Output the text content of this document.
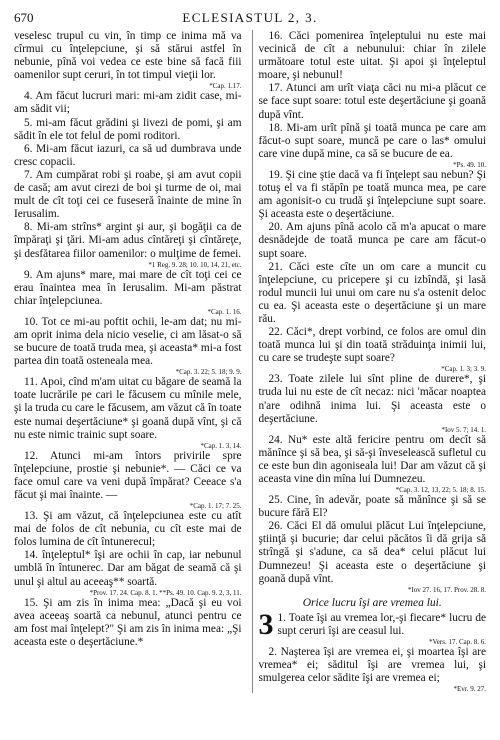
670	ECLESIASTUL 2, 3.

veselesc trupul cu vin, în timp ce inima mă va cîrmui cu înţelepciune, şi să stărui astfel în nebunie, pînă voi vedea ce este bine să facă fiii oamenilor supt ceruri, în tot timpul vieţii lor.

*Cap. 1.17.

4. Am făcut lucruri mari: mi-am zidit case, mi-am sădit vii;

5. mi-am făcut grădini şi livezi de pomi, şi am sădit în ele tot felul de pomi roditori.

6. Mi-am făcut iazuri, ca să ud dumbrava unde cresc copacii.

7. Am cumpărat robi şi roabe, şi am avut copii de casă; am avut cirezi de boi şi turme de oi, mai mult de cît toţi cei ce fuseseră înainte de mine în Ierusalim.

8. Mi-am strîns* argint şi aur, şi bogăţii ca de împăraţi şi ţări. Mi-am adus cîntăreţi şi cîntăreţe, şi desfătarea fiilor oamenilor: o mulţime de femei.

*1 Reg. 9. 28; 10. 10, 14, 21, etc.

9. Am ajuns* mare, mai mare de cît toţi cei ce erau înaintea mea în Ierusalim. Mi-am păstrat chiar înţelepciunea.

*Cap. 1. 16.

10. Tot ce mi-au poftit ochii, le-am dat; nu mi-am oprit inima dela nicio veselie, ci am lăsat-o să se bucure de toată truda mea, şi aceasta* mi-a fost partea din toată osteneala mea.

*Cap. 3. 22; 5. 18; 9. 9.

11. Apoi, cînd m'am uitat cu băgare de seamă la toate lucrările pe cari le făcusem cu mînile mele, şi la truda cu care le făcusem, am văzut că în toate este numai deşertăciune* şi goană după vînt, şi că nu este nimic trainic supt soare.

*Cap. 1. 3, 14.

12. Atunci mi-am întors privirile spre înţelepciune, prostie şi nebunie*. — Căci ce va face omul care va veni după împărat? Ceeace s'a făcut şi mai înainte. —

*Cap. 1. 17; 7. 25.

13. Şi am văzut, că înţelepciunea este cu atît mai de folos de cît nebunia, cu cît este mai de folos lumina de cît întunerecul;

14. înţeleptul* îşi are ochii în cap, iar nebunul umblă în întunerec. Dar am băgat de seamă că şi unul şi altul au aceeaş** soartă.

*Prov. 17. 24. Cap. 8. 1. **Ps. 49. 10. Cap. 9. 2, 3, 11.

15. Şi am zis în inima mea: „Dacă şi eu voi avea aceeaş soartă ca nebunul, atunci pentru ce am fost mai înţelept?" Şi am zis în inima mea: „Şi aceasta este o deşertăciune.*

16. Căci pomenirea înţeleptului nu este mai vecinică de cît a nebunului: chiar în zilele următoare totul este uitat. Şi apoi şi înţeleptul moare, şi nebunul!

17. Atunci am urît viaţa căci nu mi-a plăcut ce se face supt soare: totul este deşertăciune şi goană după vînt.

18. Mi-am urît pînă şi toată munca pe care am făcut-o supt soare, muncă pe care o las* omului care vine după mine, ca să se bucure de ea.

*Ps. 49. 10.

19. Şi cine ştie dacă va fi înţelept sau nebun? Şi totuş el va fi stăpîn pe toată munca mea, pe care am agonisit-o cu trudă şi înţelepciune supt soare. Şi aceasta este o deşertăciune.

20. Am ajuns pînă acolo că m'a apucat o mare desnădejde de toată munca pe care am făcut-o supt soare.

21. Căci este cîte un om care a muncit cu înţelepciune, cu pricepere şi cu izbîndă, şi lasă rodul muncii lui unui om care nu s'a ostenit deloc cu ea. Şi aceasta este o deşertăciune şi un mare rău.

22. Căci*, drept vorbind, ce folos are omul din toată munca lui şi din toată străduinţa inimii lui, cu care se trudeşte supt soare?

*Cap. 1. 3; 3. 9.

23. Toate zilele lui sînt pline de durere*, şi truda lui nu este de cît necaz: nici 'măcar noaptea n'are odihnă inima lui. Şi aceasta este o deşertăciune.

*Iov 5. 7; 14. 1.

24. Nu* este altă fericire pentru om decît să mănînce şi să bea, şi să-şi înveselească sufletul cu ce este bun din agoniseala lui! Dar am văzut că şi aceasta vine din mîna lui Dumnezeu.

*Cap. 3. 12, 13, 22; 5. 18; 8. 15.

25. Cine, în adevăr, poate să mănînce şi să se bucure fără El?

26. Căci El dă omului plăcut Lui înţelepciune, ştiinţă şi bucurie; dar celui păcătos îi dă grija să strîngă şi s'adune, ca să dea* celui plăcut lui Dumnezeu! Şi aceasta este o deşertăciune şi goană după vînt.

*Iov 27. 16, 17. Prov. 28. 8.
Orice lucru îşi are vremea lui.
3 1. Toate îşi au vremea lor,-şi fiecare* lucru de supt ceruri îşi are ceasul lui.

*Vers. 17. Cap. 8. 6.

2. Naşterea îşi are vremea ei, şi moartea îşi are vremea* ei; săditul îşi are vremea lui, şi smulgerea celor sădite îşi are vremea ei;

*Evr. 9. 27.
